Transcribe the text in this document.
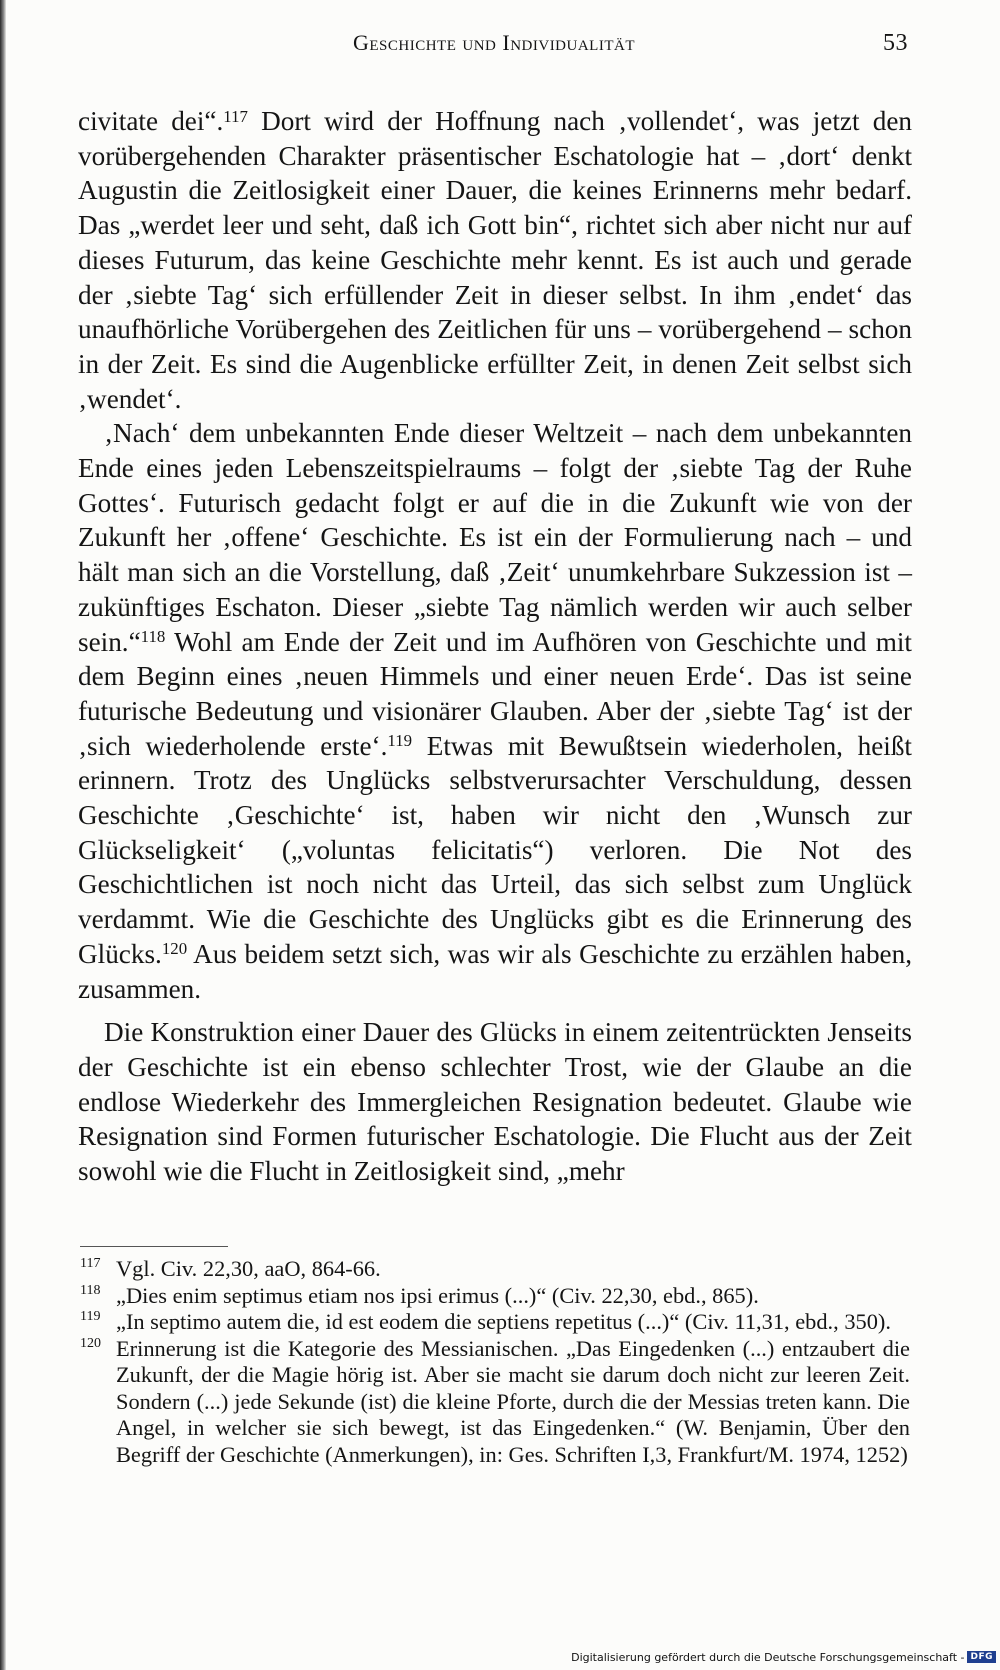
Geschichte und Individualität	53

civitate dei“.$^{117}$ Dort wird der Hoffnung nach ‚vollendet‘, was jetzt den vorübergehenden Charakter präsentischer Eschatologie hat – ‚dort‘ denkt Augustin die Zeitlosigkeit einer Dauer, die keines Erinnerns mehr bedarf. Das „werdet leer und seht, daß ich Gott bin“, richtet sich aber nicht nur auf dieses Futurum, das keine Geschichte mehr kennt. Es ist auch und gerade der ‚siebte Tag‘ sich erfüllender Zeit in dieser selbst. In ihm ‚endet‘ das unaufhörliche Vorübergehen des Zeitlichen für uns – vorübergehend – schon in der Zeit. Es sind die Augenblicke erfüllter Zeit, in denen Zeit selbst sich ‚wendet‘.

‚Nach‘ dem unbekannten Ende dieser Weltzeit – nach dem unbekannten Ende eines jeden Lebenszeitspielraums – folgt der ‚siebte Tag der Ruhe Gottes‘. Futurisch gedacht folgt er auf die in die Zukunft wie von der Zukunft her ‚offene‘ Geschichte. Es ist ein der Formulierung nach – und hält man sich an die Vorstellung, daß ‚Zeit‘ unumkehrbare Sukzession ist – zukünftiges Eschaton. Dieser „siebte Tag nämlich werden wir auch selber sein.“$^{118}$ Wohl am Ende der Zeit und im Aufhören von Geschichte und mit dem Beginn eines ‚neuen Himmels und einer neuen Erde‘. Das ist seine futurische Bedeutung und visionärer Glauben. Aber der ‚siebte Tag‘ ist der ‚sich wiederholende erste‘.$^{119}$ Etwas mit Bewußtsein wiederholen, heißt erinnern. Trotz des Unglücks selbstverursachter Verschuldung, dessen Geschichte ‚Geschichte‘ ist, haben wir nicht den ‚Wunsch zur Glückseligkeit‘ („voluntas felicitatis“) verloren. Die Not des Geschichtlichen ist noch nicht das Urteil, das sich selbst zum Unglück verdammt. Wie die Geschichte des Unglücks gibt es die Erinnerung des Glücks.$^{120}$ Aus beidem setzt sich, was wir als Geschichte zu erzählen haben, zusammen.

Die Konstruktion einer Dauer des Glücks in einem zeitentrückten Jenseits der Geschichte ist ein ebenso schlechter Trost, wie der Glaube an die endlose Wiederkehr des Immergleichen Resignation bedeutet. Glaube wie Resignation sind Formen futurischer Eschatologie. Die Flucht aus der Zeit sowohl wie die Flucht in Zeitlosigkeit sind, „mehr

117 Vgl. Civ. 22,30, aaO, 864-66.
118 „Dies enim septimus etiam nos ipsi erimus (...)“ (Civ. 22,30, ebd., 865).
119 „In septimo autem die, id est eodem die septiens repetitus (...)“ (Civ. 11,31, ebd., 350).
120 Erinnerung ist die Kategorie des Messianischen. „Das Eingedenken (...) entzaubert die Zukunft, der die Magie hörig ist. Aber sie macht sie darum doch nicht zur leeren Zeit. Sondern (...) jede Sekunde (ist) die kleine Pforte, durch die der Messias treten kann. Die Angel, in welcher sie sich bewegt, ist das Eingedenken.“ (W. Benjamin, Über den Begriff der Geschichte (Anmerkungen), in: Ges. Schriften I,3, Frankfurt/M. 1974, 1252)
Digitalisierung gefördert durch die Deutsche Forschungsgemeinschaft - DFG
